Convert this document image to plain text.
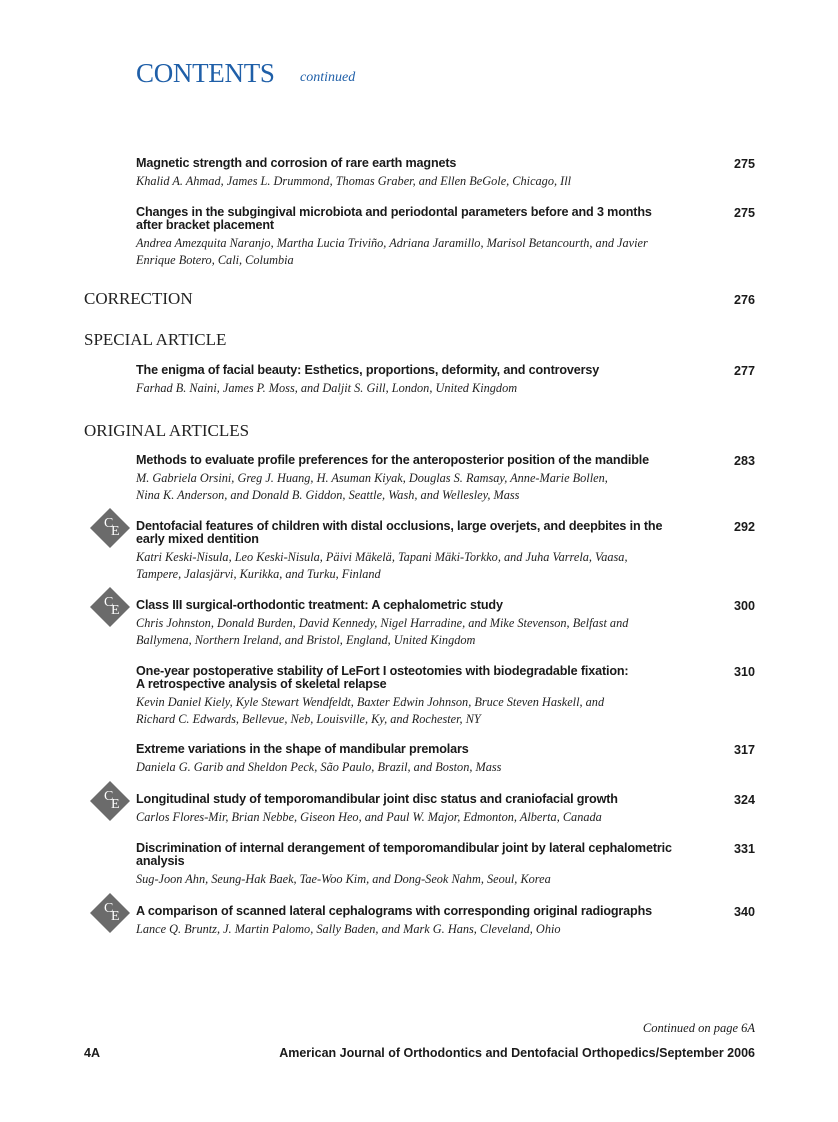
CONTENTS continued
CORRECTION	276
SPECIAL ARTICLE
ORIGINAL ARTICLES
Magnetic strength and corrosion of rare earth magnets
Khalid A. Ahmad, James L. Drummond, Thomas Graber, and Ellen BeGole, Chicago, Ill
275
Changes in the subgingival microbiota and periodontal parameters before and 3 months
after bracket placement
Andrea Amezquita Naranjo, Martha Lucia Triviño, Adriana Jaramillo, Marisol Betancourth, and Javier
Enrique Botero, Cali, Columbia
275
The enigma of facial beauty: Esthetics, proportions, deformity, and controversy
Farhad B. Naini, James P. Moss, and Daljit S. Gill, London, United Kingdom
277
Methods to evaluate profile preferences for the anteroposterior position of the mandible
M. Gabriela Orsini, Greg J. Huang, H. Asuman Kiyak, Douglas S. Ramsay, Anne-Marie Bollen,
Nina K. Anderson, and Donald B. Giddon, Seattle, Wash, and Wellesley, Mass
283
Dentofacial features of children with distal occlusions, large overjets, and deepbites in the
early mixed dentition
Katri Keski-Nisula, Leo Keski-Nisula, Päivi Mäkelä, Tapani Mäki-Torkko, and Juha Varrela, Vaasa,
Tampere, Jalasjärvi, Kurikka, and Turku, Finland
292
C
E
Class III surgical-orthodontic treatment: A cephalometric study
Chris Johnston, Donald Burden, David Kennedy, Nigel Harradine, and Mike Stevenson, Belfast and
Ballymena, Northern Ireland, and Bristol, England, United Kingdom
300
C
E
One-year postoperative stability of LeFort I osteotomies with biodegradable fixation:
A retrospective analysis of skeletal relapse
Kevin Daniel Kiely, Kyle Stewart Wendfeldt, Baxter Edwin Johnson, Bruce Steven Haskell, and
Richard C. Edwards, Bellevue, Neb, Louisville, Ky, and Rochester, NY
310
Extreme variations in the shape of mandibular premolars
Daniela G. Garib and Sheldon Peck, São Paulo, Brazil, and Boston, Mass
317
Longitudinal study of temporomandibular joint disc status and craniofacial growth
Carlos Flores-Mir, Brian Nebbe, Giseon Heo, and Paul W. Major, Edmonton, Alberta, Canada
324
C
E
Discrimination of internal derangement of temporomandibular joint by lateral cephalometric
analysis
Sug-Joon Ahn, Seung-Hak Baek, Tae-Woo Kim, and Dong-Seok Nahm, Seoul, Korea
331
A comparison of scanned lateral cephalograms with corresponding original radiographs
Lance Q. Bruntz, J. Martin Palomo, Sally Baden, and Mark G. Hans, Cleveland, Ohio
340
C
E
Continued on page 6A
4A	American Journal of Orthodontics and Dentofacial Orthopedics/September 2006
